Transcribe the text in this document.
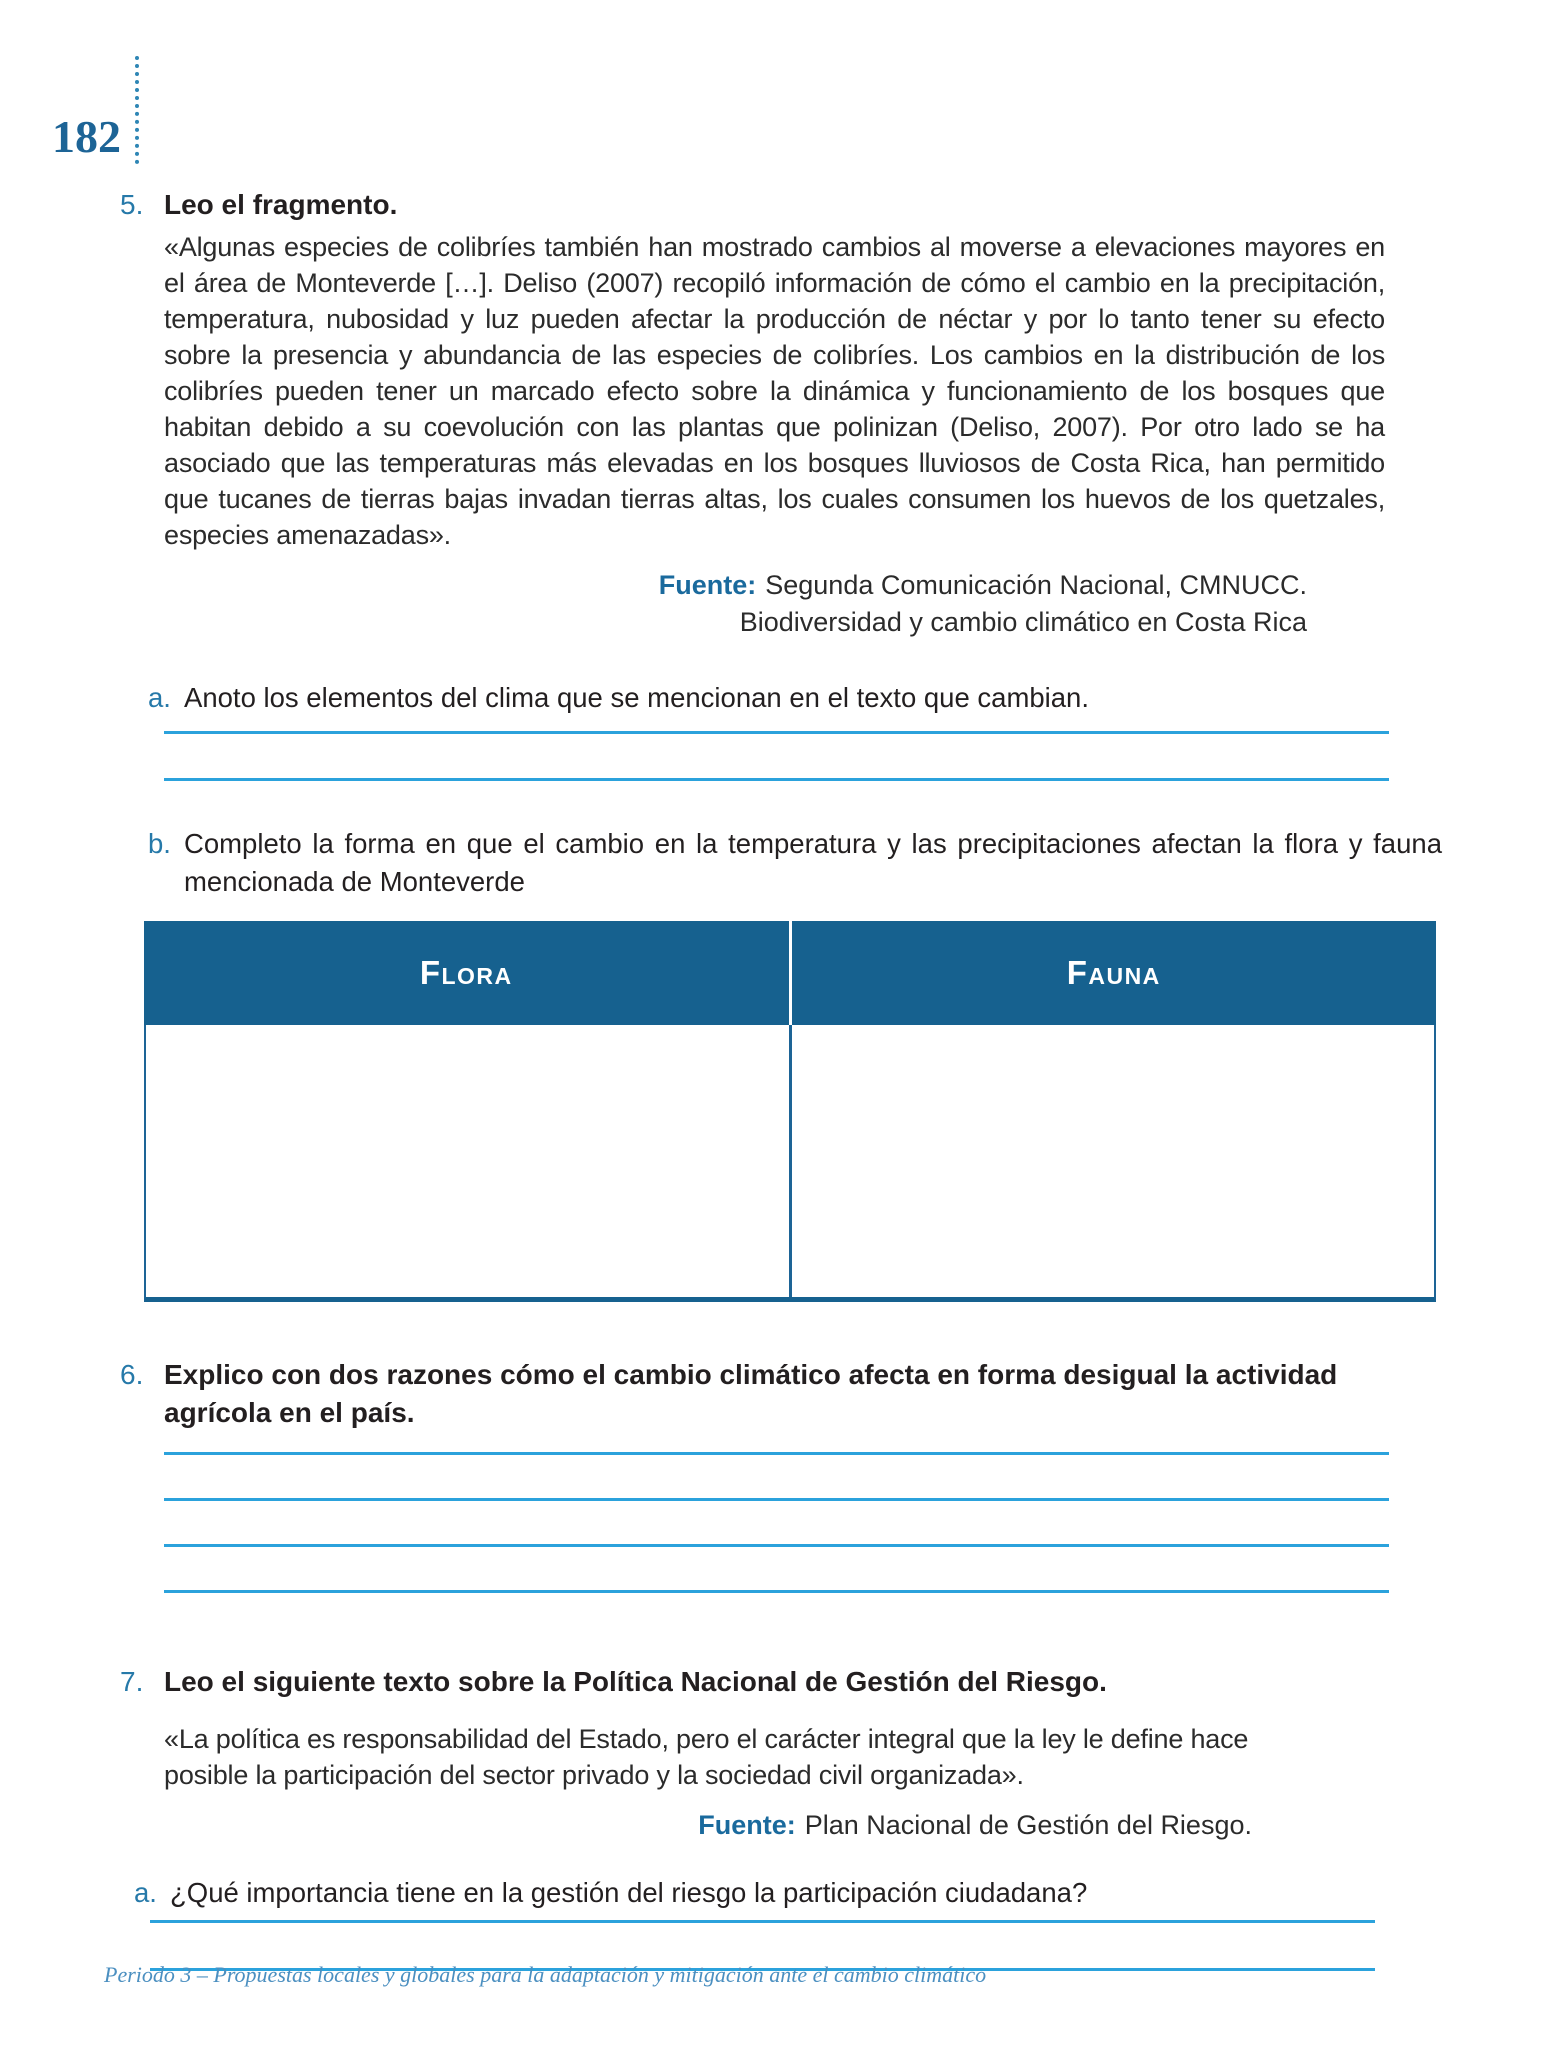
182
5. Leo el fragmento.
«Algunas especies de colibríes también han mostrado cambios al moverse a elevaciones mayores en el área de Monteverde […]. Deliso (2007) recopiló información de cómo el cambio en la precipitación, temperatura, nubosidad y luz pueden afectar la producción de néctar y por lo tanto tener su efecto sobre la presencia y abundancia de las especies de colibríes. Los cambios en la distribución de los colibríes pueden tener un marcado efecto sobre la dinámica y funcionamiento de los bosques que habitan debido a su coevolución con las plantas que polinizan (Deliso, 2007). Por otro lado se ha asociado que las temperaturas más elevadas en los bosques lluviosos de Costa Rica, han permitido que tucanes de tierras bajas invadan tierras altas, los cuales consumen los huevos de los quetzales, especies amenazadas».
Fuente: Segunda Comunicación Nacional, CMNUCC.
Biodiversidad y cambio climático en Costa Rica
a. Anoto los elementos del clima que se mencionan en el texto que cambian.
b. Completo la forma en que el cambio en la temperatura y las precipitaciones afectan la flora y fauna mencionada de Monteverde
Flora	Fauna
6. Explico con dos razones cómo el cambio climático afecta en forma desigual la actividad agrícola en el país.
7. Leo el siguiente texto sobre la Política Nacional de Gestión del Riesgo.
«La política es responsabilidad del Estado, pero el carácter integral que la ley le define hace posible la participación del sector privado y la sociedad civil organizada».
Fuente: Plan Nacional de Gestión del Riesgo.
a. ¿Qué importancia tiene en la gestión del riesgo la participación ciudadana?
Periodo 3 – Propuestas locales y globales para la adaptación y mitigación ante el cambio climático
